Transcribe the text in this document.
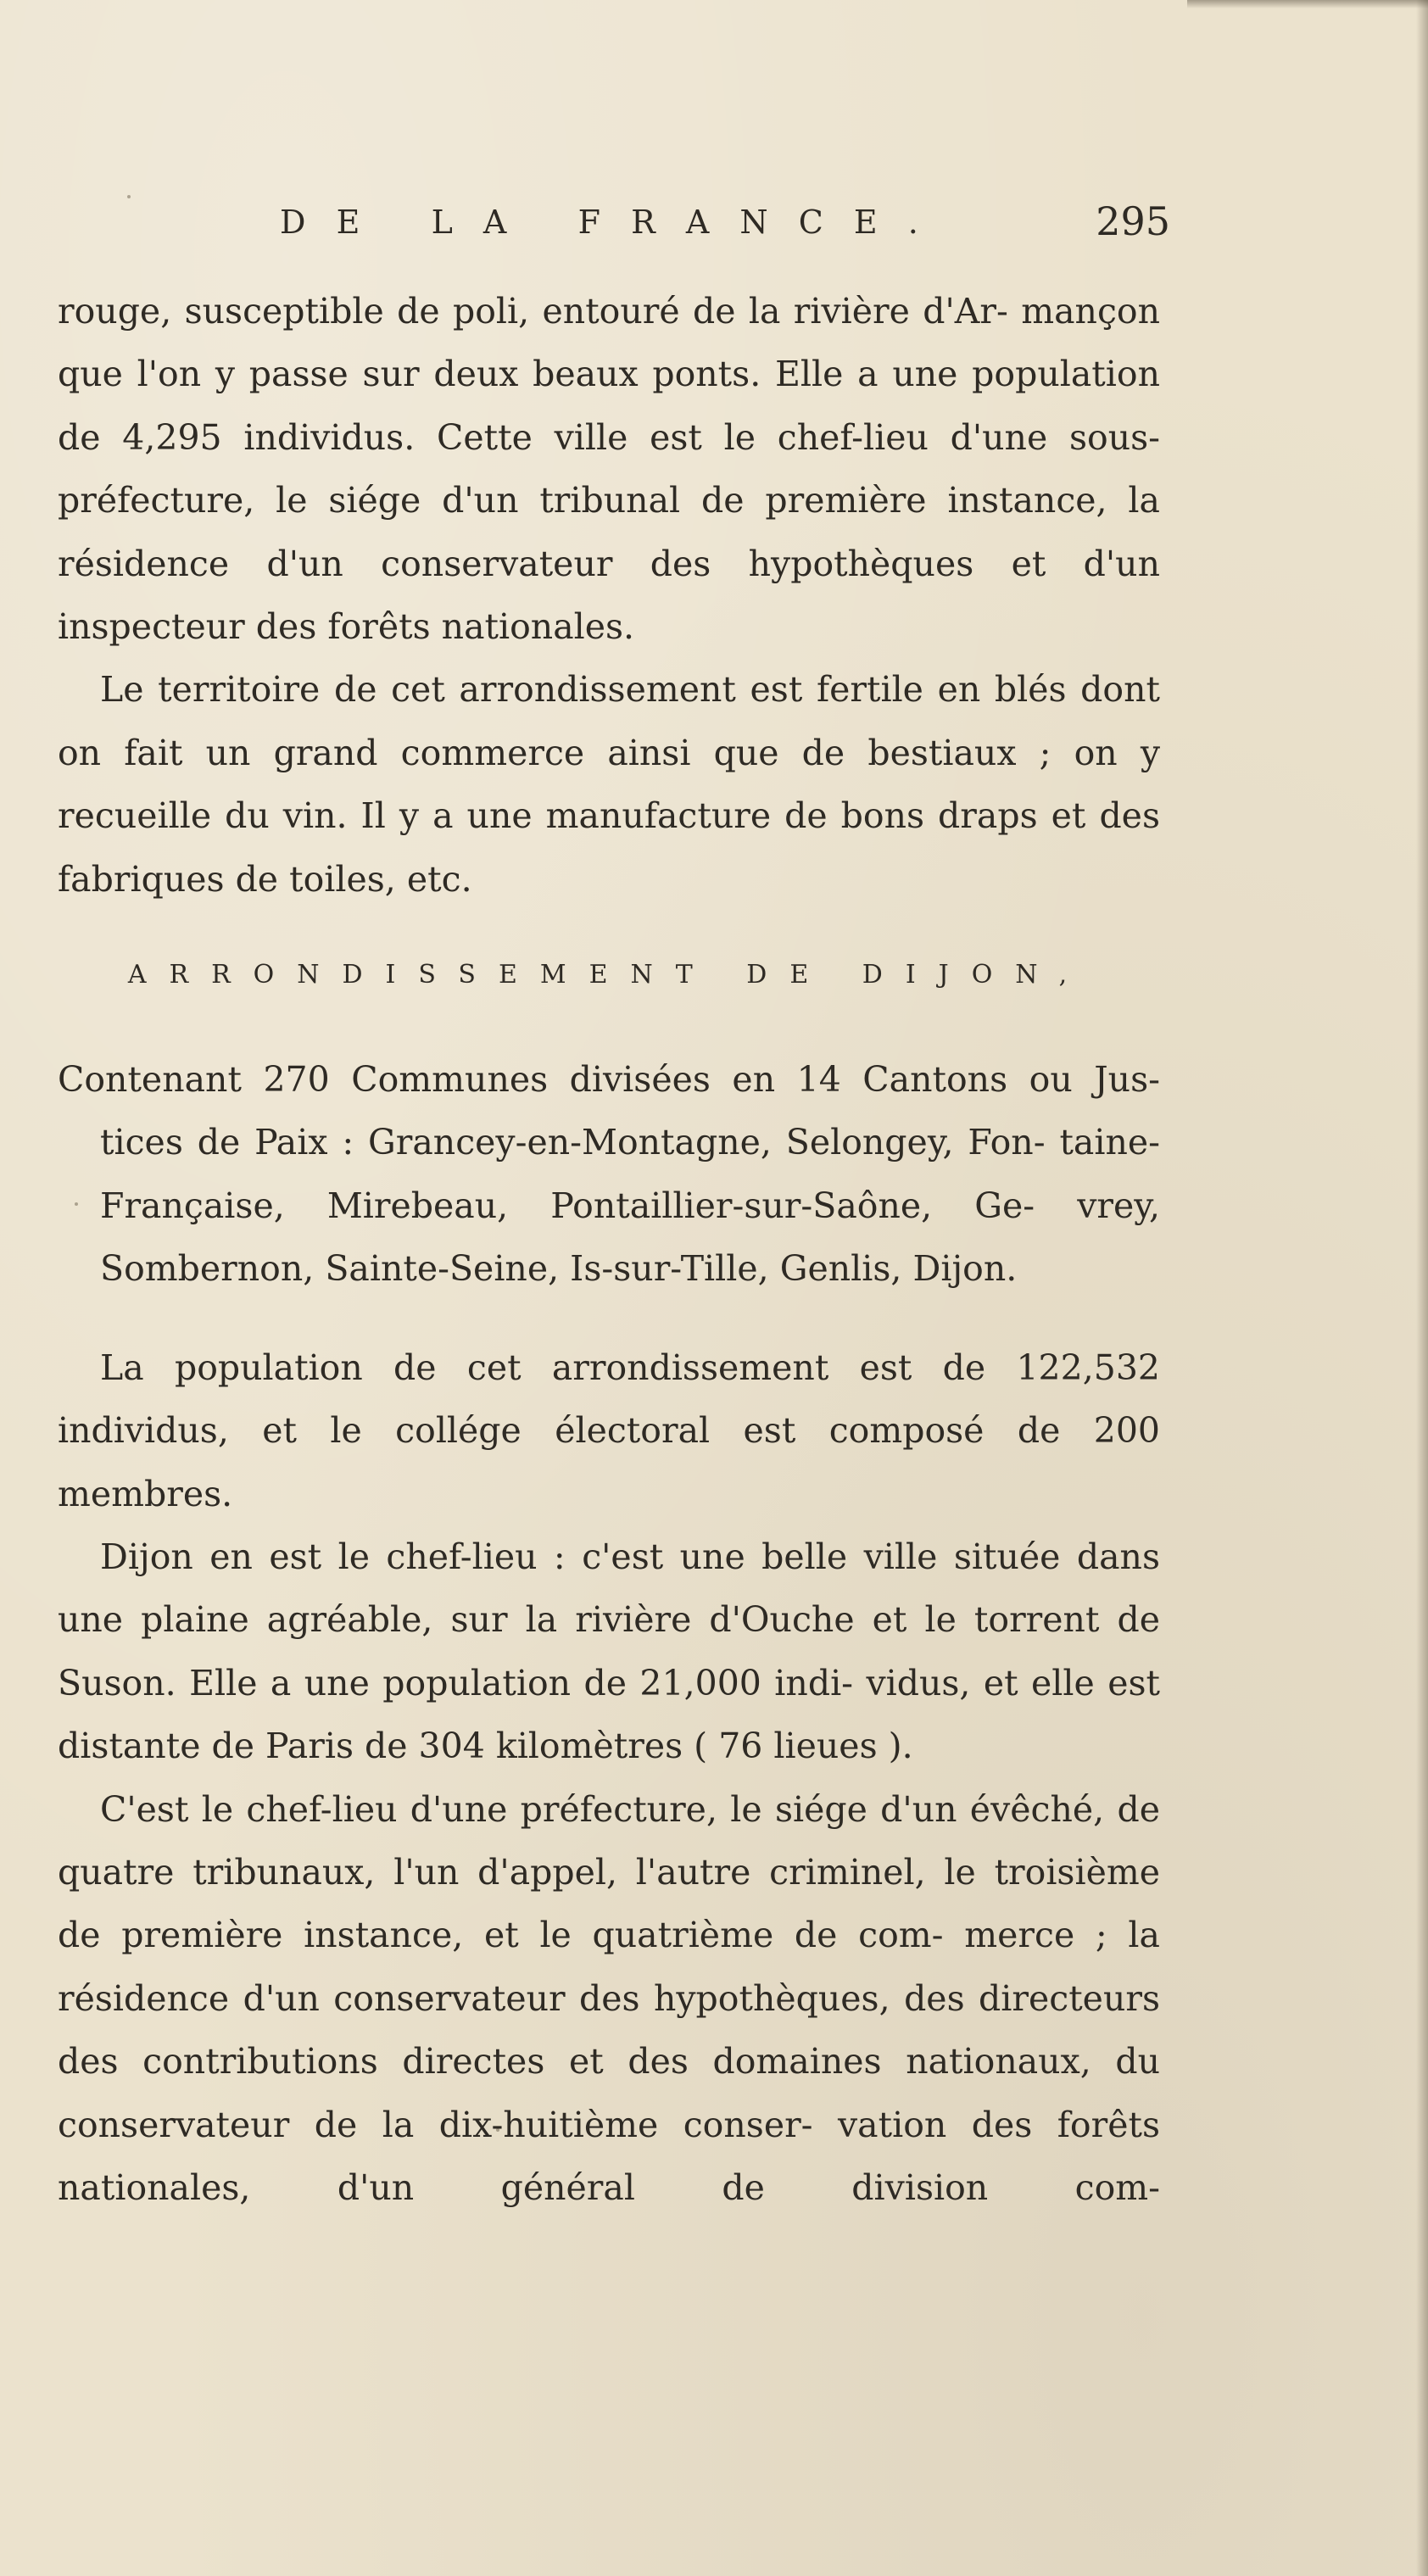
DE LA FRANCE.	295

rouge, susceptible de poli, entouré de la rivière d'Ar- mançon que l'on y passe sur deux beaux ponts. Elle a une population de 4,295 individus. Cette ville est le chef-lieu d'une sous-préfecture, le siége d'un tribunal de première instance, la résidence d'un conservateur des hypothèques et d'un inspecteur des forêts nationales.

Le territoire de cet arrondissement est fertile en blés dont on fait un grand commerce ainsi que de bestiaux ; on y recueille du vin. Il y a une manufacture de bons draps et des fabriques de toiles, etc.

ARRONDISSEMENT DE DIJON,

Contenant 270 Communes divisées en 14 Cantons ou Jus- tices de Paix : Grancey-en-Montagne, Selongey, Fon- taine-Française, Mirebeau, Pontaillier-sur-Saône, Ge- vrey, Sombernon, Sainte-Seine, Is-sur-Tille, Genlis, Dijon.

La population de cet arrondissement est de 122,532 individus, et le collége électoral est composé de 200 membres.

Dijon en est le chef-lieu : c'est une belle ville située dans une plaine agréable, sur la rivière d'Ouche et le torrent de Suson. Elle a une population de 21,000 indi- vidus, et elle est distante de Paris de 304 kilomètres ( 76 lieues ).

C'est le chef-lieu d'une préfecture, le siége d'un évêché, de quatre tribunaux, l'un d'appel, l'autre criminel, le troisième de première instance, et le quatrième de com- merce ; la résidence d'un conservateur des hypothèques, des directeurs des contributions directes et des domaines nationaux, du conservateur de la dix-huitième conser- vation des forêts nationales, d'un général de division com-
